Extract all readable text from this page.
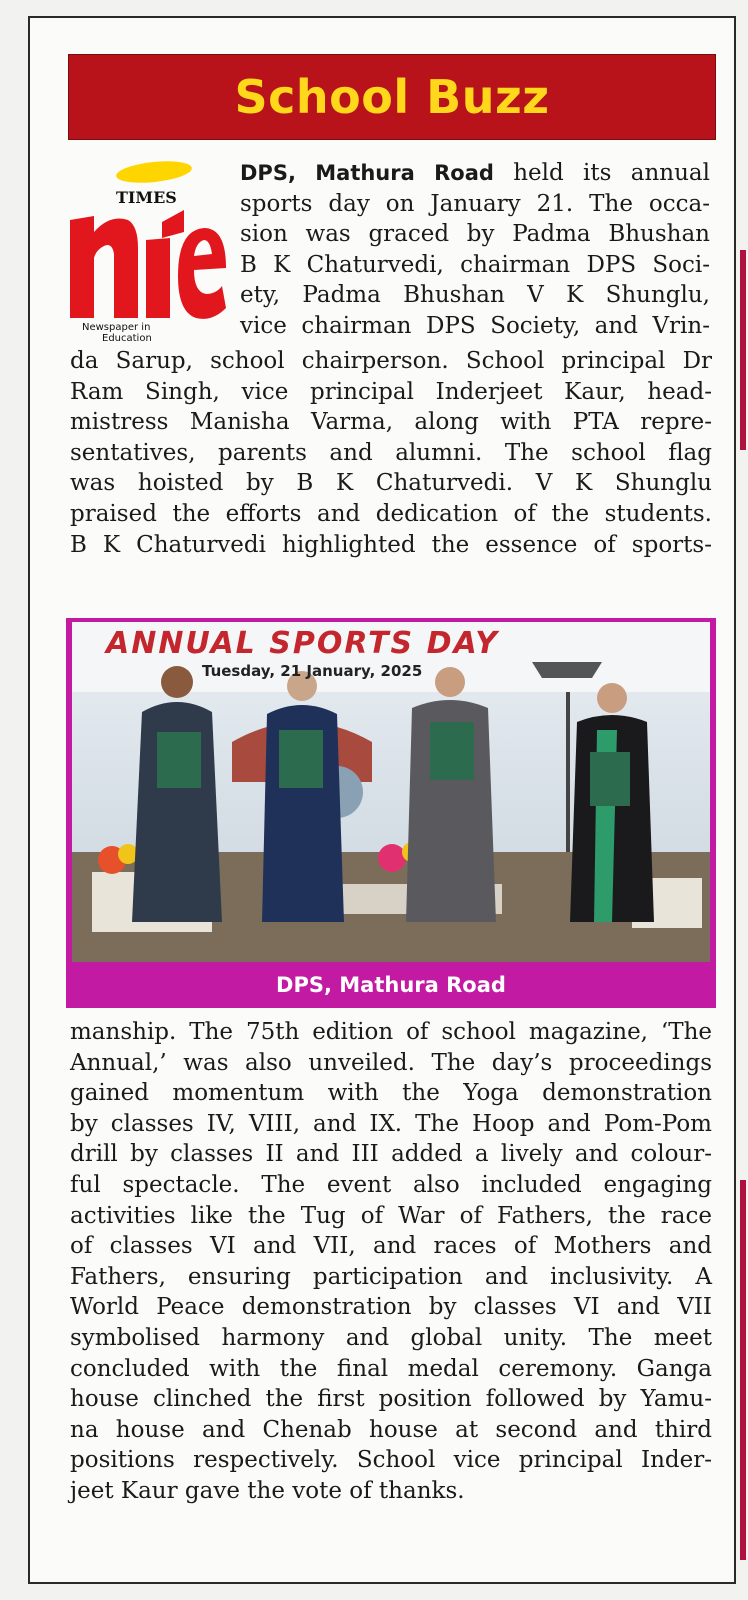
School Buzz
TIMES
Newspaper in
Education
DPS, Mathura Road held its annual
sports day on January 21. The occa-
sion was graced by Padma Bhushan
B K Chaturvedi, chairman DPS Soci-
ety, Padma Bhushan V K Shunglu,
vice chairman DPS Society, and Vrin-
da Sarup, school chairperson. School principal Dr
Ram Singh, vice principal Inderjeet Kaur, head-
mistress Manisha Varma, along with PTA repre-
sentatives, parents and alumni. The school flag
was hoisted by B K Chaturvedi. V K Shunglu
praised the efforts and dedication of the students.
B K Chaturvedi highlighted the essence of sports-
ANNUAL SPORTS DAY
Tuesday, 21 January, 2025
DPS, Mathura Road
manship. The 75th edition of school magazine, ‘The
Annual,’ was also unveiled. The day’s proceedings
gained momentum with the Yoga demonstration
by classes IV, VIII, and IX. The Hoop and Pom-Pom
drill by classes II and III added a lively and colour-
ful spectacle. The event also included engaging
activities like the Tug of War of Fathers, the race
of classes VI and VII, and races of Mothers and
Fathers, ensuring participation and inclusivity. A
World Peace demonstration by classes VI and VII
symbolised harmony and global unity. The meet
concluded with the final medal ceremony. Ganga
house clinched the first position followed by Yamu-
na house and Chenab house at second and third
positions respectively. School vice principal Inder-
jeet Kaur gave the vote of thanks.
